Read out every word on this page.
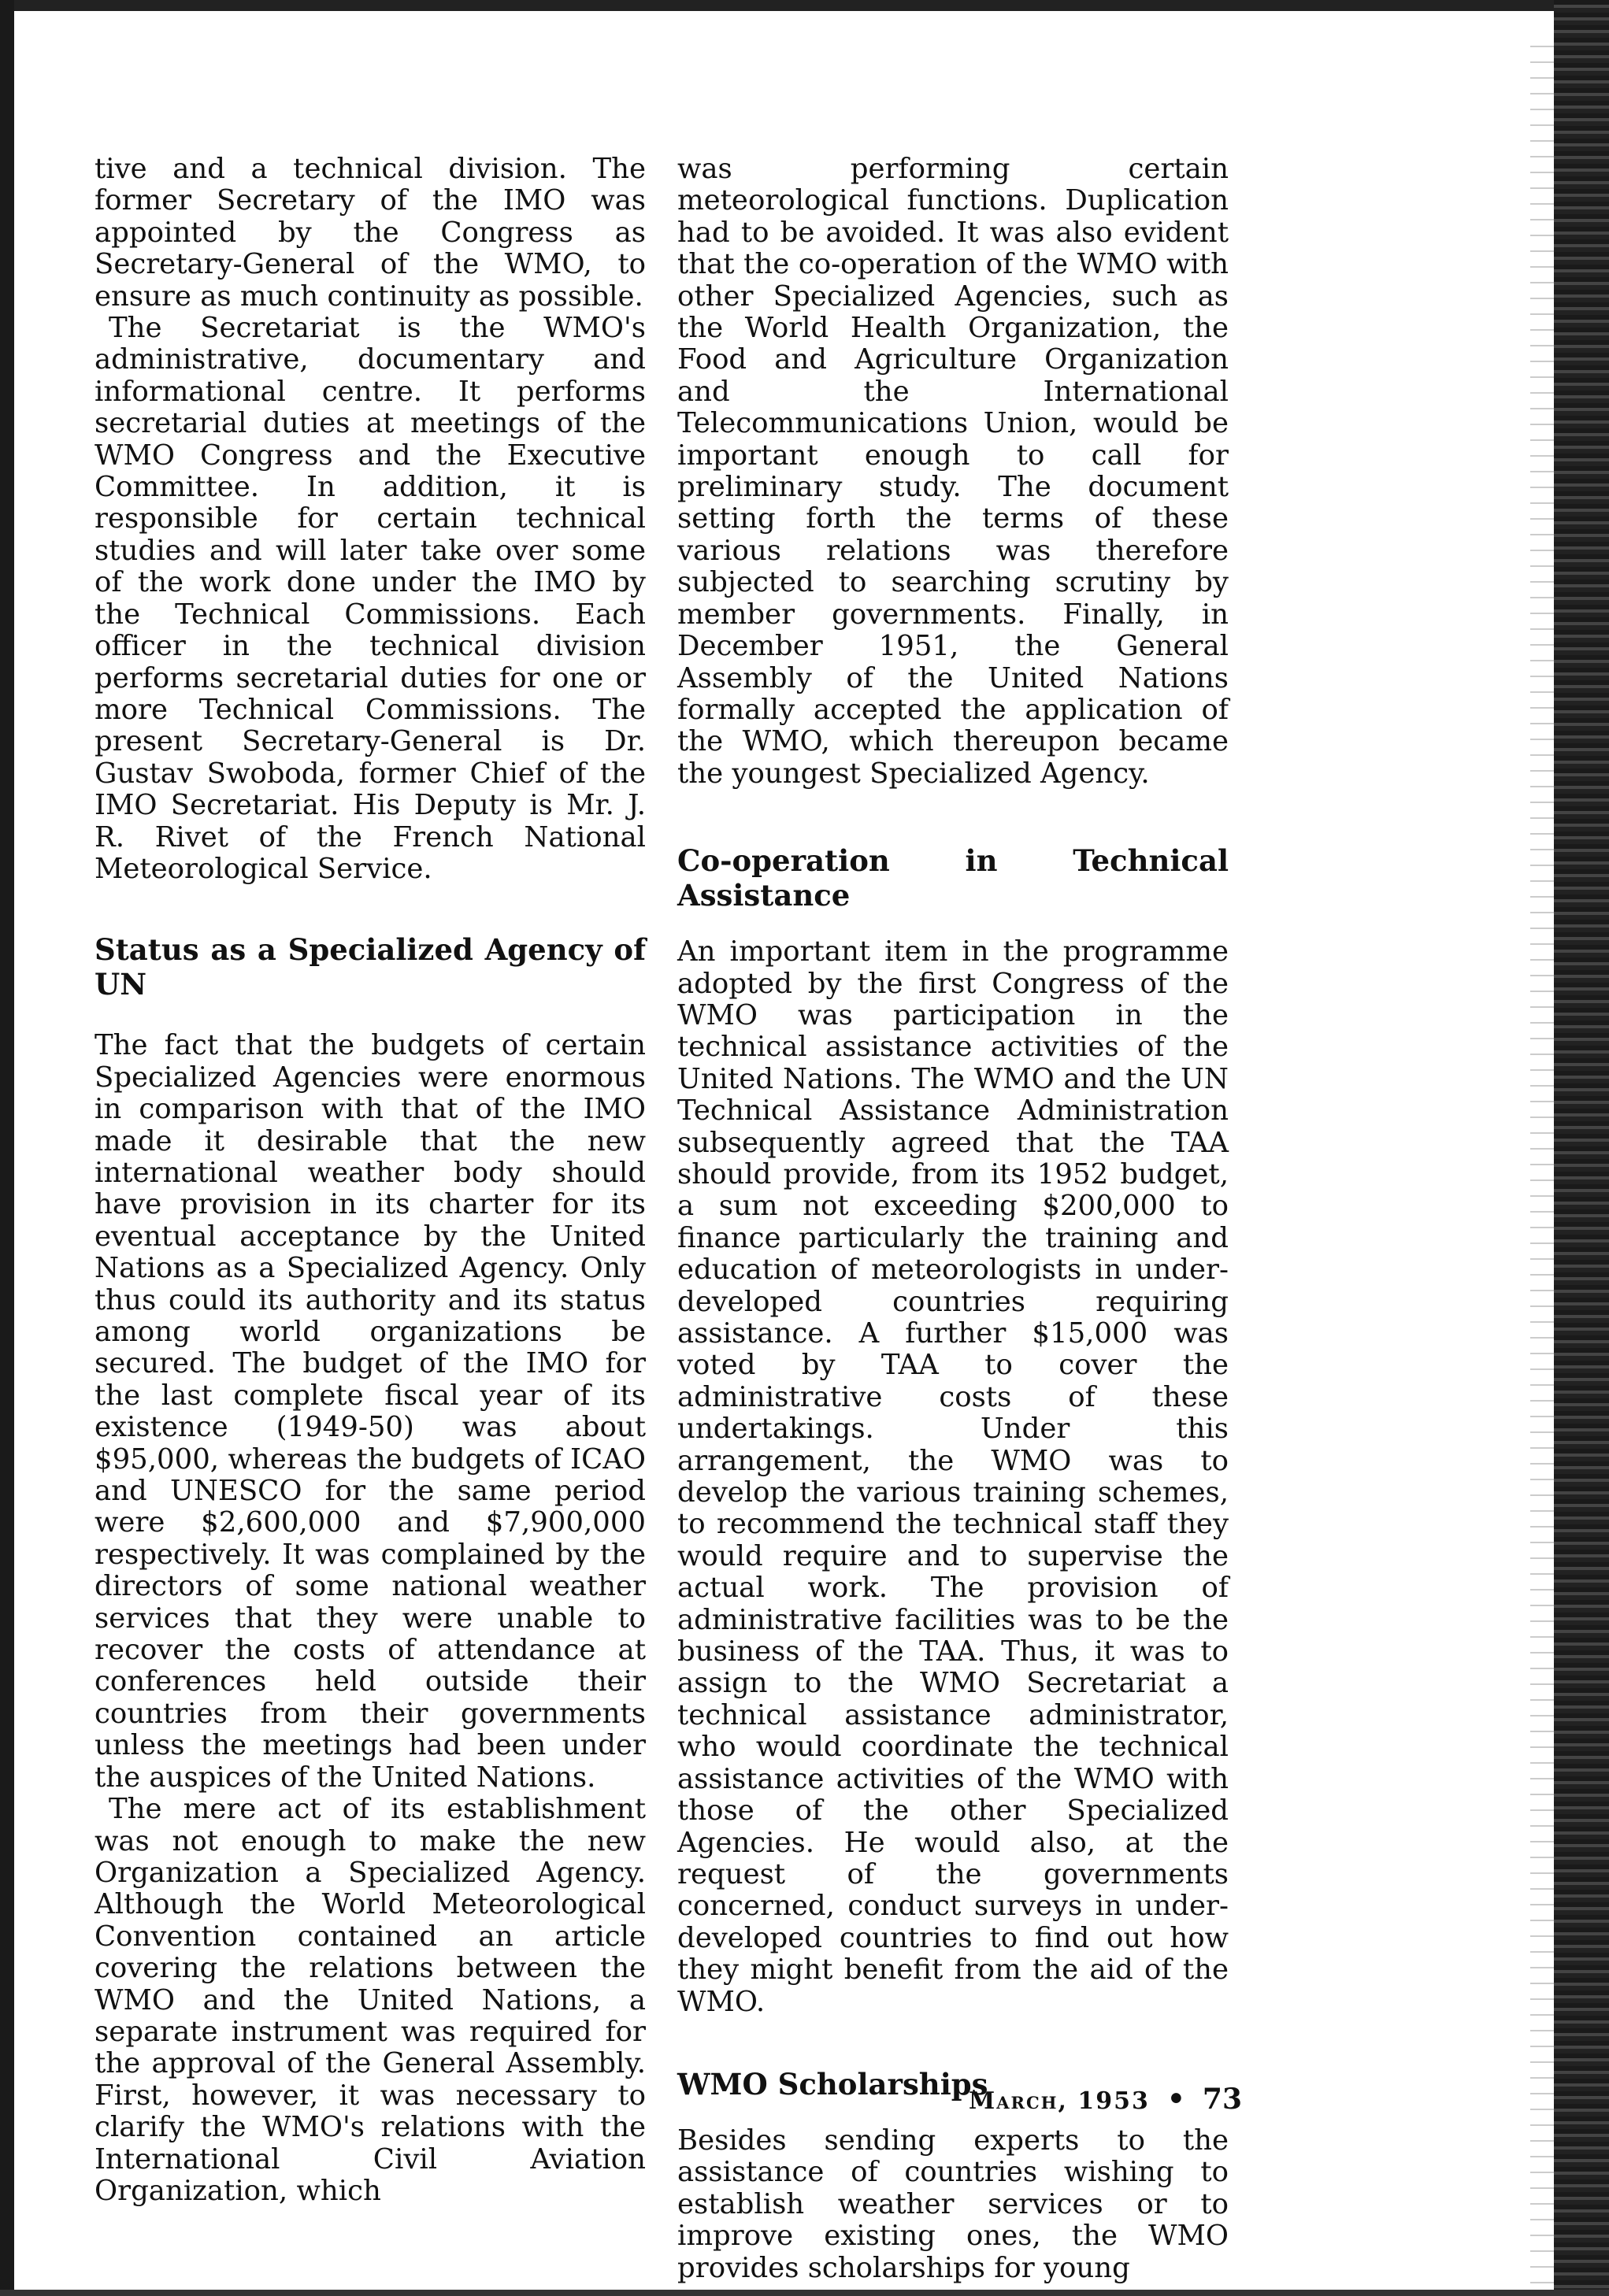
tive and a technical division. The former Secretary of the IMO was appointed by the Congress as Secretary-General of the WMO, to ensure as much continuity as possible.

The Secretariat is the WMO's administrative, documentary and informational centre. It performs secretarial duties at meetings of the WMO Congress and the Executive Committee. In addition, it is responsible for certain technical studies and will later take over some of the work done under the IMO by the Technical Commissions. Each officer in the technical division performs secretarial duties for one or more Technical Commissions. The present Secretary-General is Dr. Gustav Swoboda, former Chief of the IMO Secretariat. His Deputy is Mr. J. R. Rivet of the French National Meteorological Service.

Status as a Specialized Agency of UN

The fact that the budgets of certain Specialized Agencies were enormous in comparison with that of the IMO made it desirable that the new international weather body should have provision in its charter for its eventual acceptance by the United Nations as a Specialized Agency. Only thus could its authority and its status among world organizations be secured. The budget of the IMO for the last complete fiscal year of its existence (1949-50) was about $95,000, whereas the budgets of ICAO and UNESCO for the same period were $2,600,000 and $7,900,000 respectively. It was complained by the directors of some national weather services that they were unable to recover the costs of attendance at conferences held outside their countries from their governments unless the meetings had been under the auspices of the United Nations.

The mere act of its establishment was not enough to make the new Organization a Specialized Agency. Although the World Meteorological Convention contained an article covering the relations between the WMO and the United Nations, a separate instrument was required for the approval of the General Assembly. First, however, it was necessary to clarify the WMO's relations with the International Civil Aviation Organization, which

was performing certain meteorological functions. Duplication had to be avoided. It was also evident that the co-operation of the WMO with other Specialized Agencies, such as the World Health Organization, the Food and Agriculture Organization and the International Telecommunications Union, would be important enough to call for preliminary study. The document setting forth the terms of these various relations was therefore subjected to searching scrutiny by member governments. Finally, in December 1951, the General Assembly of the United Nations formally accepted the application of the WMO, which thereupon became the youngest Specialized Agency.

Co-operation in Technical Assistance

An important item in the programme adopted by the first Congress of the WMO was participation in the technical assistance activities of the United Nations. The WMO and the UN Technical Assistance Administration subsequently agreed that the TAA should provide, from its 1952 budget, a sum not exceeding $200,000 to finance particularly the training and education of meteorologists in under-developed countries requiring assistance. A further $15,000 was voted by TAA to cover the administrative costs of these undertakings. Under this arrangement, the WMO was to develop the various training schemes, to recommend the technical staff they would require and to supervise the actual work. The provision of administrative facilities was to be the business of the TAA. Thus, it was to assign to the WMO Secretariat a technical assistance administrator, who would coordinate the technical assistance activities of the WMO with those of the other Specialized Agencies. He would also, at the request of the governments concerned, conduct surveys in under-developed countries to find out how they might benefit from the aid of the WMO.

WMO Scholarships

Besides sending experts to the assistance of countries wishing to establish weather services or to improve existing ones, the WMO provides scholarships for young

March, 1953 • 73
